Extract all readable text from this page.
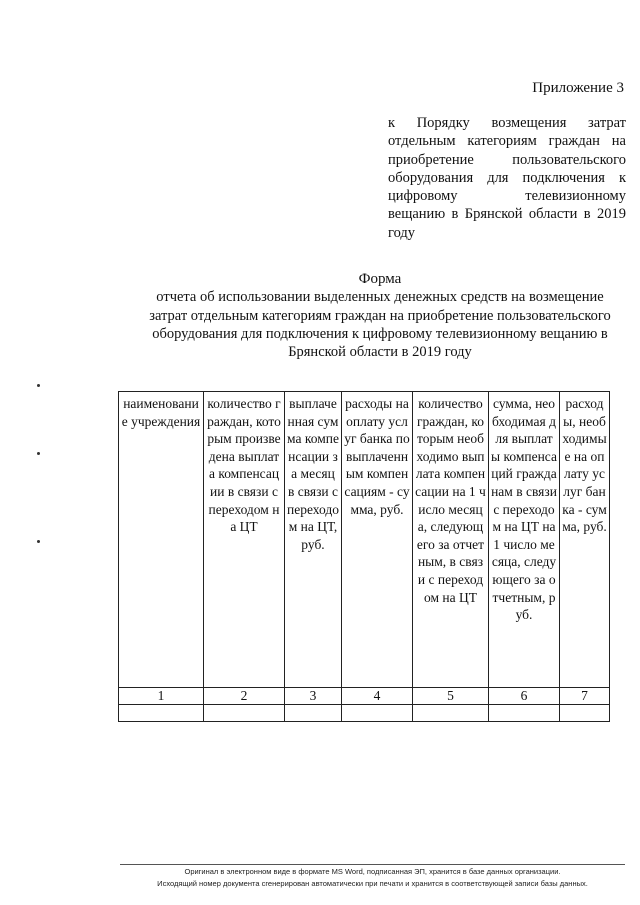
Приложение 3
к Порядку возмещения затрат
отдельным категориям граждан на
приобретение пользовательского
оборудования для подключения к
цифровому телевизионному
вещанию в Брянской области в 2019
году
Форма
отчета об использовании выделенных денежных средств на возмещение
затрат отдельным категориям граждан на приобретение пользовательского
оборудования для подключения к цифровому телевизионному вещанию в
Брянской области в 2019 году
наименование учреждения	количество граждан, которым произведена выплата компенсации в связи с переходом на ЦТ	выплаченная сумма компенсации за месяц в связи с переходом на ЦТ, руб.	расходы на оплату услуг банка по выплаченным компенсациям - сумма, руб.	количество граждан, которым необходимо выплата компенсации на 1 число месяца, следующего за отчетным, в связи с переходом на ЦТ	сумма, необходимая для выплаты компенсаций гражданам в связи с переходом на ЦТ на 1 число месяца, следующего за отчетным, руб.	расходы, необходимые на оплату услуг банка - сумма, руб.
1	2	3	4	5	6	7

Оригинал в электронном виде в формате MS Word, подписанная ЭП, хранится в базе данных организации.
Исходящий номер документа сгенерирован автоматически при печати и хранится в соответствующей записи базы данных.
